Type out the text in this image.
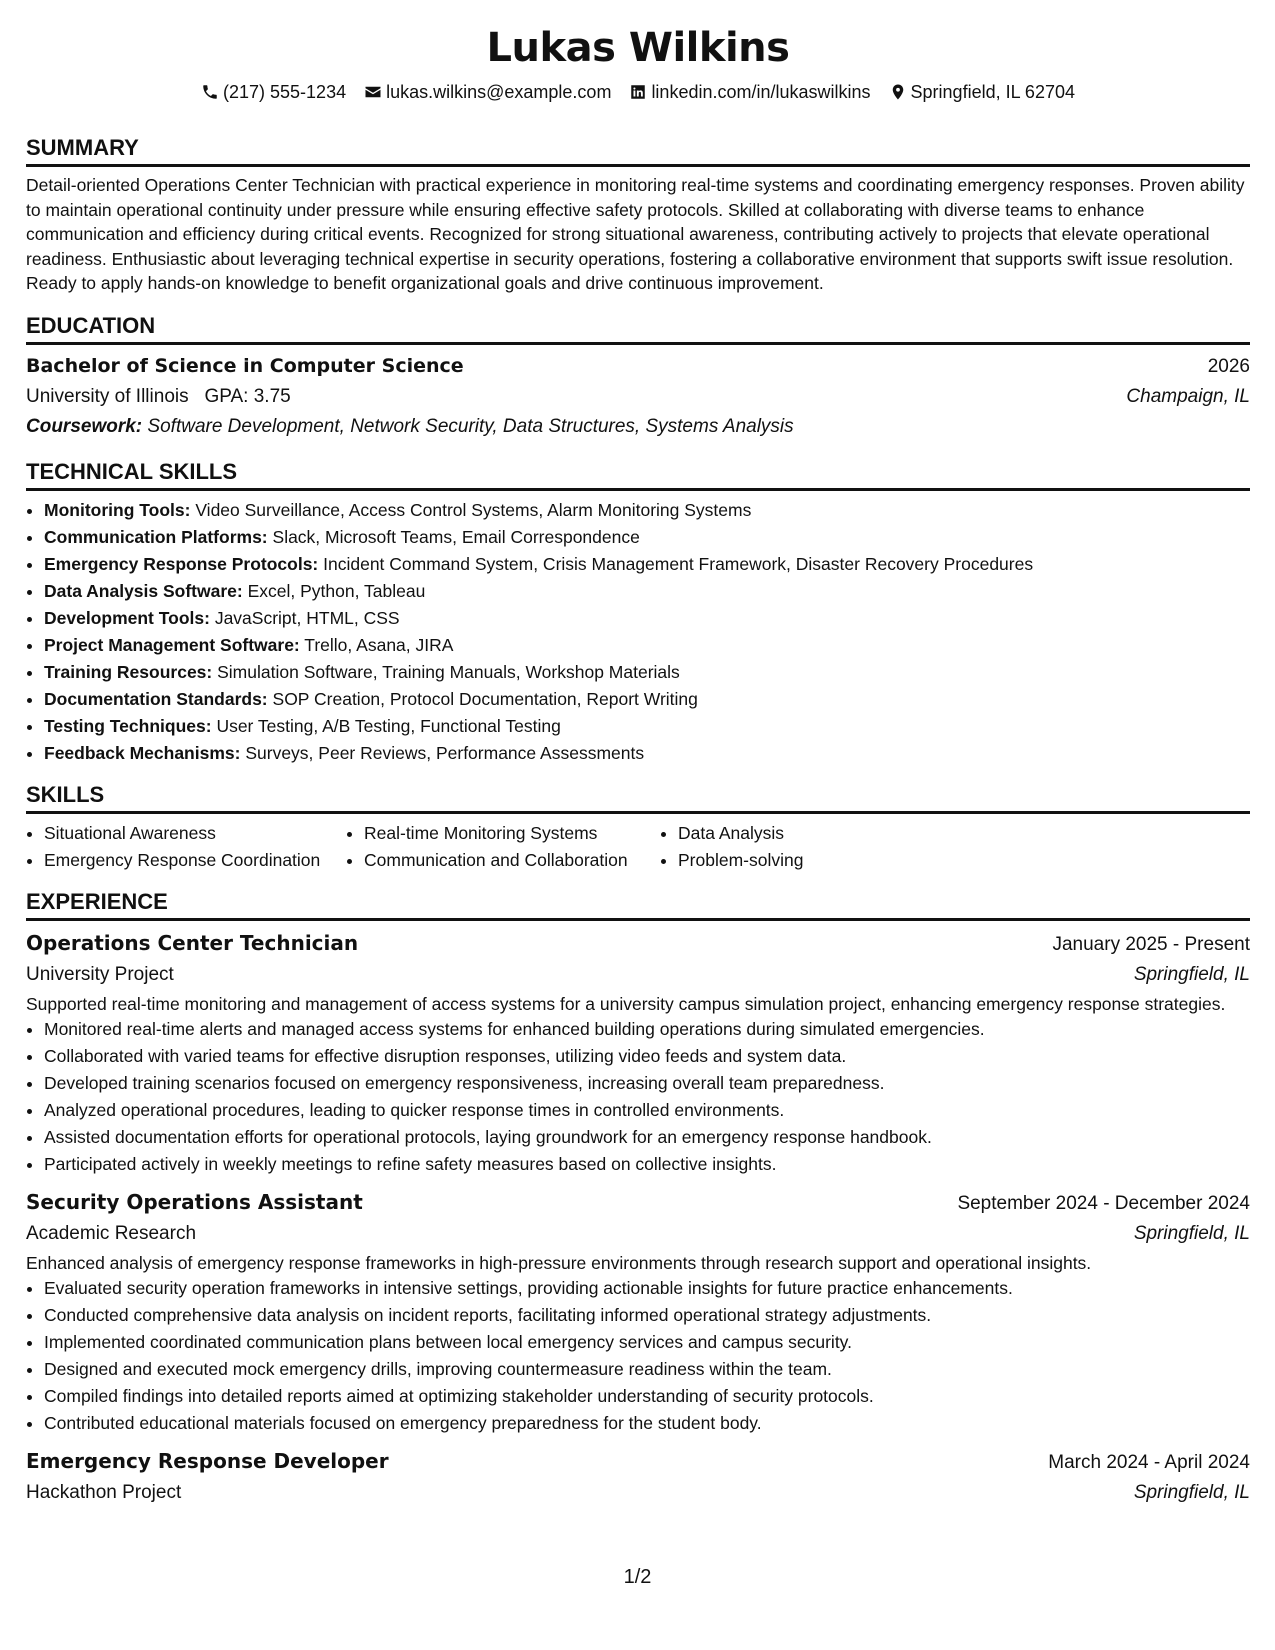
Lukas Wilkins
(217) 555-1234 lukas.wilkins@example.com linkedin.com/in/lukaswilkins Springfield, IL 62704
SUMMARY

Detail-oriented Operations Center Technician with practical experience in monitoring real-time systems and coordinating emergency responses. Proven ability to maintain operational continuity under pressure while ensuring effective safety protocols. Skilled at collaborating with diverse teams to enhance communication and efficiency during critical events. Recognized for strong situational awareness, contributing actively to projects that elevate operational readiness. Enthusiastic about leveraging technical expertise in security operations, fostering a collaborative environment that supports swift issue resolution. Ready to apply hands-on knowledge to benefit organizational goals and drive continuous improvement.

EDUCATION
Bachelor of Science in Computer Science	2026
University of Illinois GPA: 3.75	Champaign, IL
Coursework: Software Development, Network Security, Data Structures, Systems Analysis
TECHNICAL SKILLS
• Monitoring Tools: Video Surveillance, Access Control Systems, Alarm Monitoring Systems
• Communication Platforms: Slack, Microsoft Teams, Email Correspondence
• Emergency Response Protocols: Incident Command System, Crisis Management Framework, Disaster Recovery Procedures
• Data Analysis Software: Excel, Python, Tableau
• Development Tools: JavaScript, HTML, CSS
• Project Management Software: Trello, Asana, JIRA
• Training Resources: Simulation Software, Training Manuals, Workshop Materials
• Documentation Standards: SOP Creation, Protocol Documentation, Report Writing
• Testing Techniques: User Testing, A/B Testing, Functional Testing
• Feedback Mechanisms: Surveys, Peer Reviews, Performance Assessments
SKILLS
• Situational Awareness
• Emergency Response Coordination
• Real-time Monitoring Systems
• Communication and Collaboration
• Data Analysis
• Problem-solving
EXPERIENCE
Operations Center Technician	January 2025 - Present
University Project	Springfield, IL

Supported real-time monitoring and management of access systems for a university campus simulation project, enhancing emergency response strategies.

• Monitored real-time alerts and managed access systems for enhanced building operations during simulated emergencies.
• Collaborated with varied teams for effective disruption responses, utilizing video feeds and system data.
• Developed training scenarios focused on emergency responsiveness, increasing overall team preparedness.
• Analyzed operational procedures, leading to quicker response times in controlled environments.
• Assisted documentation efforts for operational protocols, laying groundwork for an emergency response handbook.
• Participated actively in weekly meetings to refine safety measures based on collective insights.
Security Operations Assistant	September 2024 - December 2024
Academic Research	Springfield, IL

Enhanced analysis of emergency response frameworks in high-pressure environments through research support and operational insights.

• Evaluated security operation frameworks in intensive settings, providing actionable insights for future practice enhancements.
• Conducted comprehensive data analysis on incident reports, facilitating informed operational strategy adjustments.
• Implemented coordinated communication plans between local emergency services and campus security.
• Designed and executed mock emergency drills, improving countermeasure readiness within the team.
• Compiled findings into detailed reports aimed at optimizing stakeholder understanding of security protocols.
• Contributed educational materials focused on emergency preparedness for the student body.
Emergency Response Developer	March 2024 - April 2024
Hackathon Project	Springfield, IL
1/2
